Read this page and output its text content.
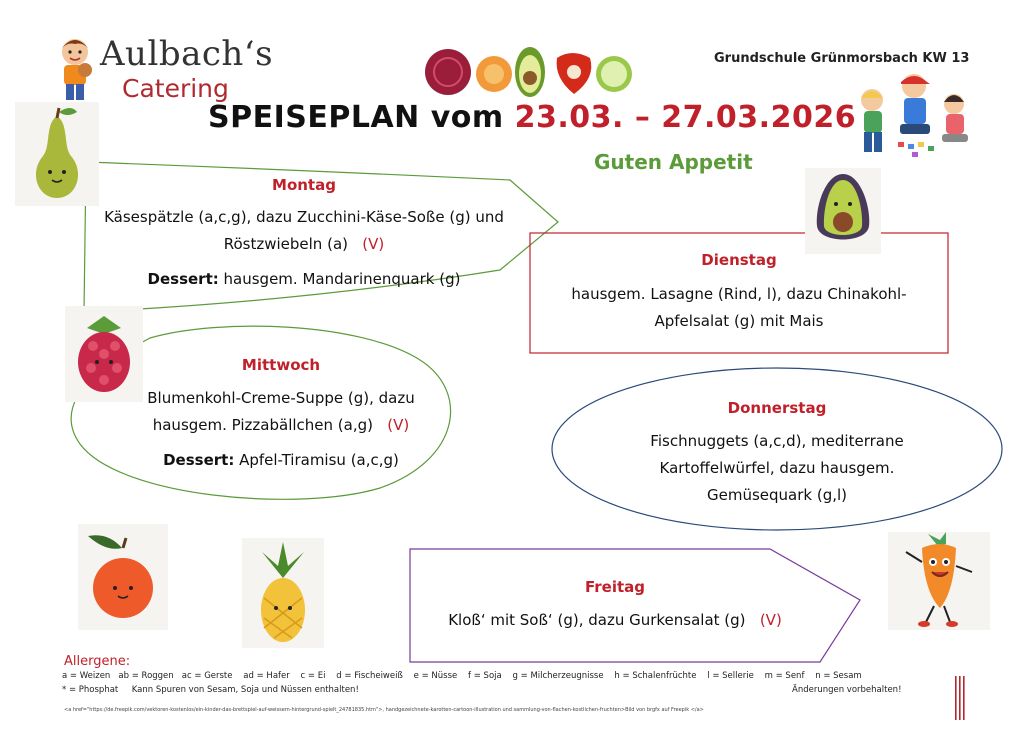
Aulbach‘s
Catering
Grundschule Grünmorsbach KW 13
SPEISEPLAN vom 23.03. – 27.03.2026
Guten Appetit
Montag
Käsespätzle (a,c,g), dazu Zucchini-Käse-Soße (g) und
Röstzwiebeln (a) (V)
Dessert: hausgem. Mandarinenquark (g)
Dienstag
hausgem. Lasagne (Rind, l), dazu Chinakohl-
Apfelsalat (g) mit Mais
Mittwoch
Blumenkohl-Creme-Suppe (g), dazu
hausgem. Pizzabällchen (a,g) (V)
Dessert: Apfel-Tiramisu (a,c,g)
Donnerstag
Fischnuggets (a,c,d), mediterrane
Kartoffelwürfel, dazu hausgem.
Gemüsequark (g,l)
Freitag
Kloß‘ mit Soß‘ (g), dazu Gurkensalat (g) (V)
Allergene:
a = Weizen   ab = Roggen   ac = Gerste    ad = Hafer    c = Ei    d = Fischeiweiß    e = Nüsse    f = Soja    g = Milcherzeugnisse    h = Schalenfrüchte    l = Sellerie    m = Senf    n = Sesam
* = Phosphat     Kann Spuren von Sesam, Soja und Nüssen enthalten!	Änderungen vorbehalten!
<a href="https://de.freepik.com/vektoren-kostenlos/ein-kinder-das-brettspiel-auf-weissem-hintergrund-spielt_24781835.htm">, handgezeichnete-karotten-cartoon-illustration und sammlung-von-flachen-kostlichen-fruchten>Bild von brgfx auf Freepik </a>
